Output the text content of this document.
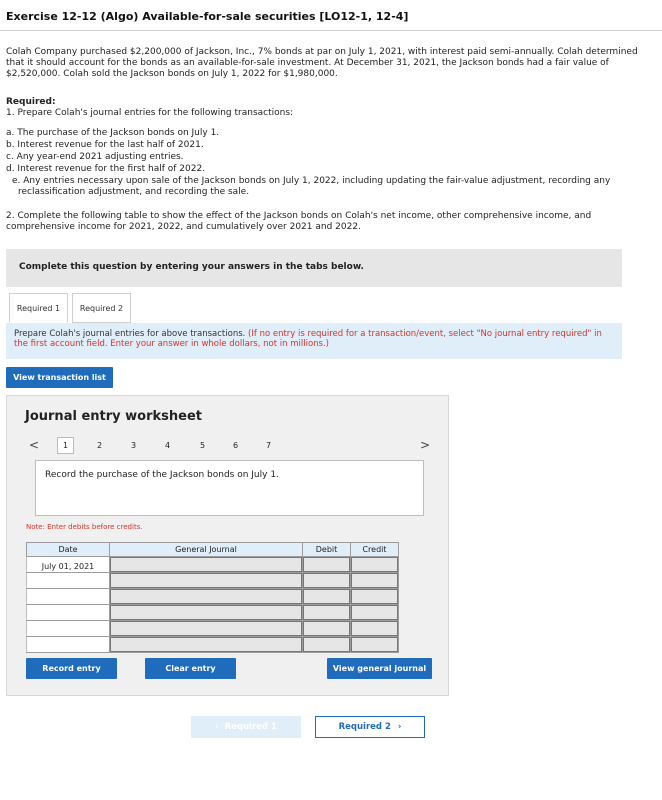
Exercise 12-12 (Algo) Available-for-sale securities [LO12-1, 12-4]
Colah Company purchased $2,200,000 of Jackson, Inc., 7% bonds at par on July 1, 2021, with interest paid semi-annually. Colah determined that it should account for the bonds as an available-for-sale investment. At December 31, 2021, the Jackson bonds had a fair value of $2,520,000. Colah sold the Jackson bonds on July 1, 2022 for $1,980,000.
Required:
1. Prepare Colah's journal entries for the following transactions:
a. The purchase of the Jackson bonds on July 1.
b. Interest revenue for the last half of 2021.
c. Any year-end 2021 adjusting entries.
d. Interest revenue for the first half of 2022.
e. Any entries necessary upon sale of the Jackson bonds on July 1, 2022, including updating the fair-value adjustment, recording any reclassification adjustment, and recording the sale.
2. Complete the following table to show the effect of the Jackson bonds on Colah's net income, other comprehensive income, and comprehensive income for 2021, 2022, and cumulatively over 2021 and 2022.
Complete this question by entering your answers in the tabs below.
Required 1	Required 2
Prepare Colah's journal entries for above transactions. (If no entry is required for a transaction/event, select "No journal entry required" in the first account field. Enter your answer in whole dollars, not in millions.)
View transaction list
Journal entry worksheet
<	1	2	3	4	5	6	7	>
Record the purchase of the Jackson bonds on July 1.
Note: Enter debits before credits.
Date	General Journal	Debit	Credit

July 01, 2021			

Record entry	Clear entry	View general journal
‹ Required 1	Required 2 ›
